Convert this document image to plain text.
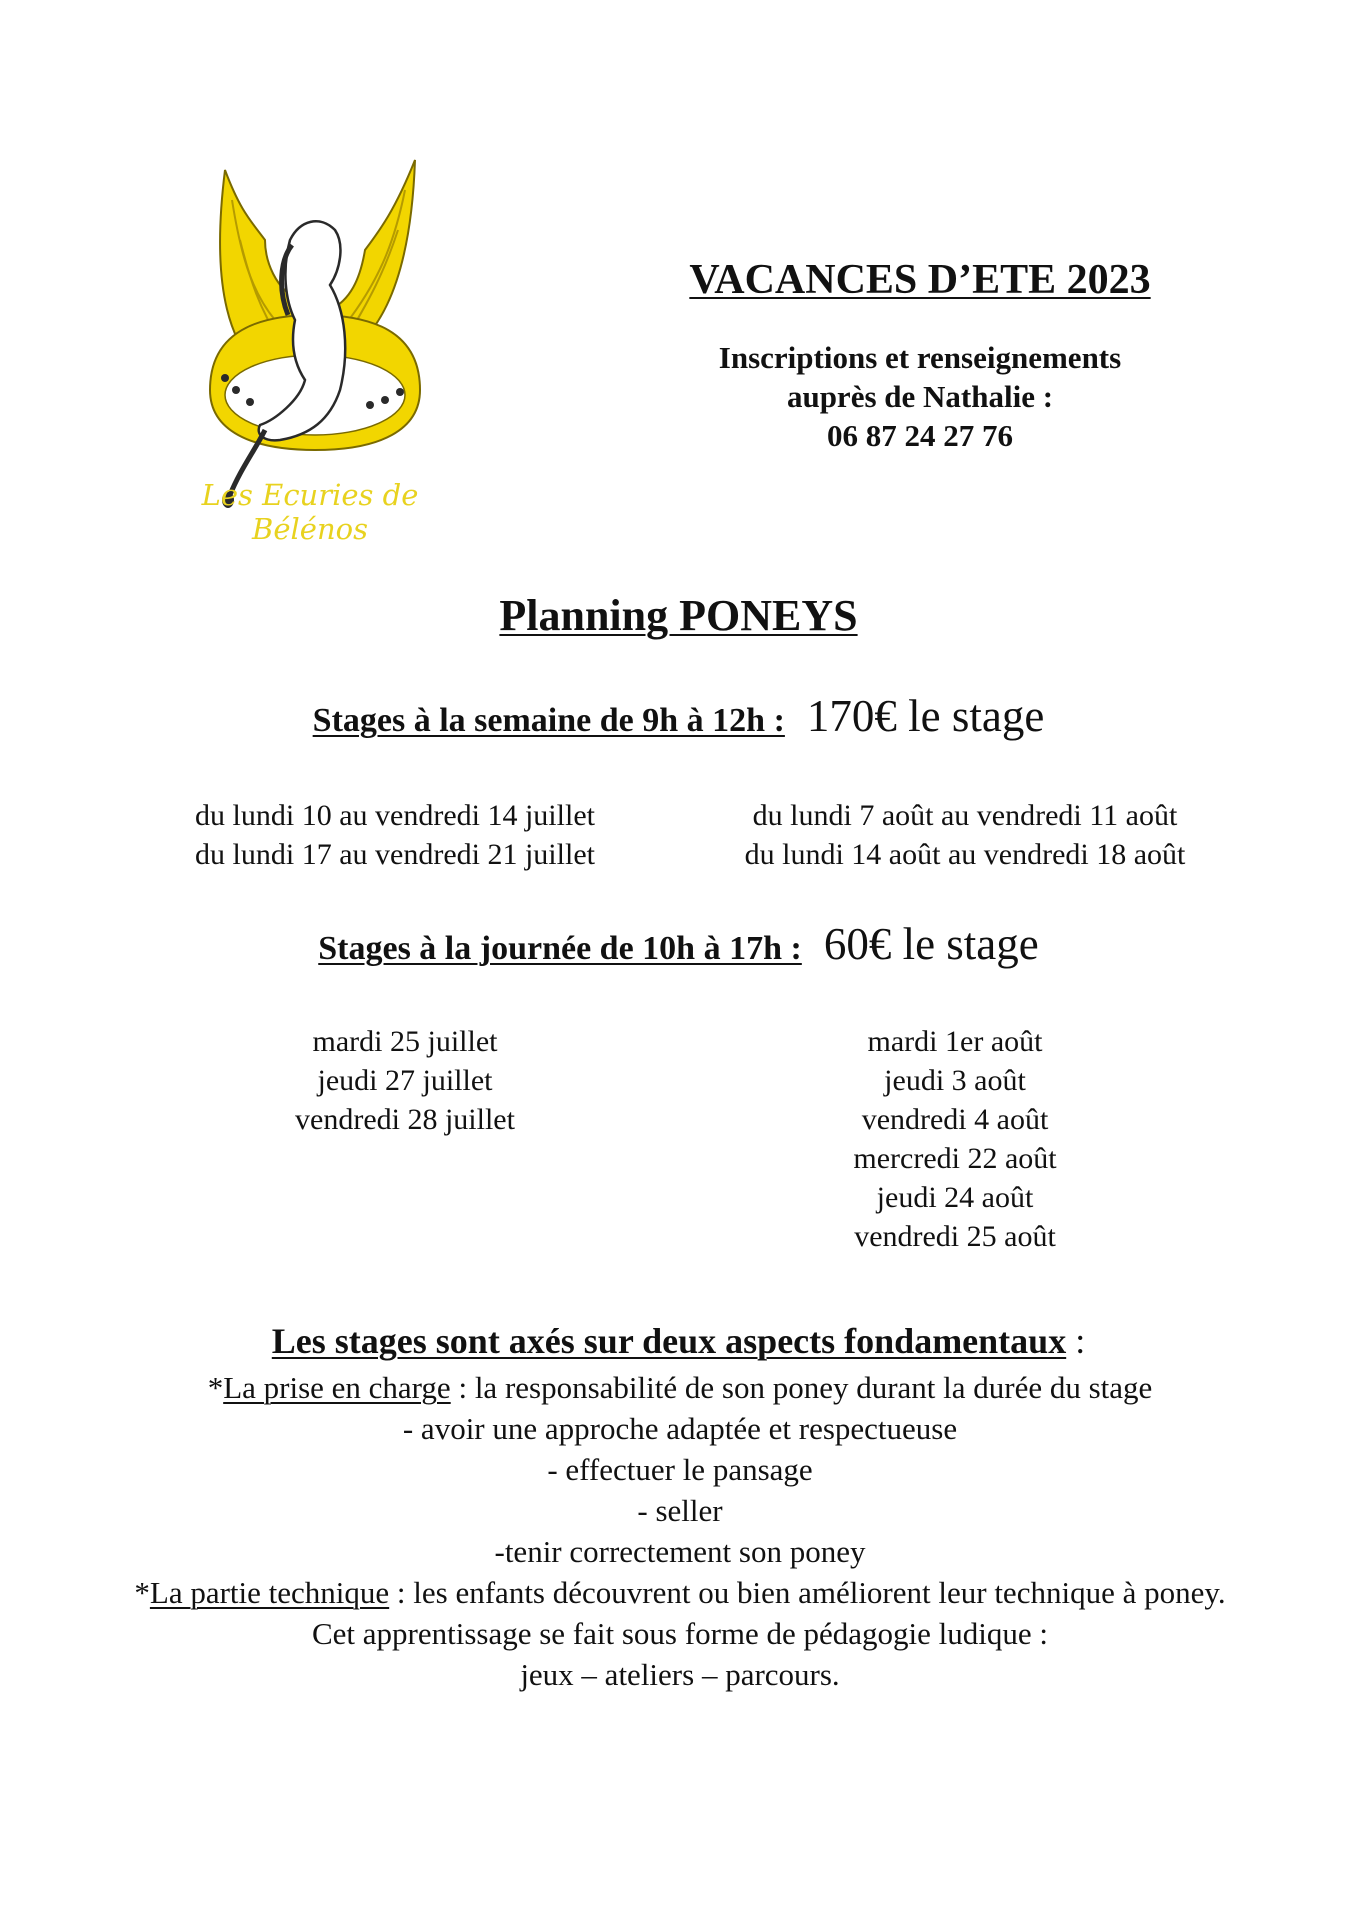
Les Ecuries de Bélénos
VACANCES D’ETE 2023
Inscriptions et renseignements
auprès de Nathalie :
06 87 24 27 76
Planning PONEYS
Stages à la semaine de 9h à 12h : 170€ le stage
du lundi 10 au vendredi 14 juillet
du lundi 17 au vendredi 21 juillet
du lundi 7 août au vendredi 11 août
du lundi 14 août au vendredi 18 août
Stages à la journée de 10h à 17h : 60€ le stage
mardi 25 juillet
jeudi 27 juillet
vendredi 28 juillet
mardi 1er août
jeudi 3 août
vendredi 4 août
mercredi 22 août
jeudi 24 août
vendredi 25 août
Les stages sont axés sur deux aspects fondamentaux :
*La prise en charge : la responsabilité de son poney durant la durée du stage
- avoir une approche adaptée et respectueuse
- effectuer le pansage
- seller
-tenir correctement son poney
*La partie technique : les enfants découvrent ou bien améliorent leur technique à poney.
Cet apprentissage se fait sous forme de pédagogie ludique :
jeux – ateliers – parcours.
